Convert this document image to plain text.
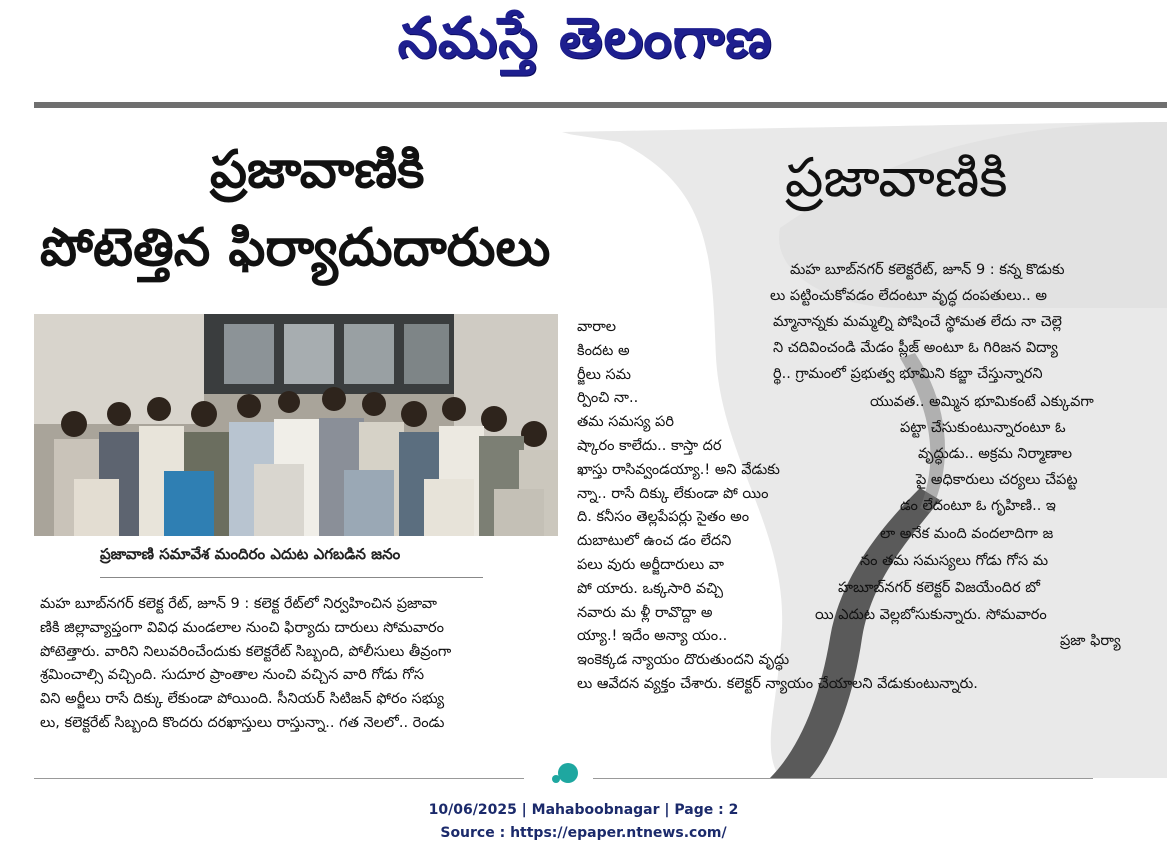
నమస్తే తెలంగాణ
ప్రజావాణికి
పోటెత్తిన ఫిర్యాదుదారులు
ప్రజావాణికి
ప్రజావాణి సమావేశ మందిరం ఎదుట ఎగబడిన జనం
మహ బూబ్‌నగర్ కలెక్ట రేట్, జూన్ 9 : కలెక్ట రేట్‌లో నిర్వహించిన ప్రజావా
ణికి జిల్లావ్యాప్తంగా వివిధ మండలాల నుంచి ఫిర్యాదు దారులు సోమవారం
పోటెత్తారు. వారిని నిలువరించేందుకు కలెక్టరేట్ సిబ్బంది, పోలీసులు తీవ్రంగా
శ్రమించాల్సి వచ్చింది. సుదూర ప్రాంతాల నుంచి వచ్చిన వారి గోడు గోస
విని అర్జీలు రాసే దిక్కు లేకుండా పోయింది. సీనియర్ సిటిజన్ ఫోరం సభ్యు
లు, కలెక్టరేట్ సిబ్బంది కొందరు దరఖాస్తులు రాస్తున్నా.. గత నెలలో.. రెండు
వారాల
కిందట అ
ర్జీలు సమ
ర్పించి నా..
తమ సమస్య పరి
ష్కారం కాలేదు.. కాస్తా దర
ఖాస్తు రాసివ్వండయ్యా.! అని వేడుకు
న్నా.. రాసే దిక్కు లేకుండా పో యిం
ది. కనీసం తెల్లపేపర్లు సైతం అం
దుబాటులో ఉంచ డం లేదని
పలు వురు అర్జీదారులు వా
పో యారు. ఒక్కసారి వచ్చి
నవారు మ ళ్లీ రావొద్దా అ
య్యా.! ఇదేం అన్యా యం..
ఇంకెక్కడ న్యాయం దొరుతుందని వృద్ధు
లు ఆవేదన వ్యక్తం చేశారు. కలెక్టర్ న్యాయం చేయాలని వేడుకుంటున్నారు.
మహ బూబ్‌నగర్ కలెక్టరేట్, జూన్ 9 : కన్న కొడుకు
లు పట్టించుకోవడం లేదంటూ వృద్ధ దంపతులు.. అ
మ్మానాన్నకు మమ్మల్ని పోషించే స్థోమత లేదు నా చెల్లె
ని చదివించండి మేడం ప్లీజ్ అంటూ ఓ గిరిజన విద్యా
ర్థి.. గ్రామంలో ప్రభుత్వ భూమిని కబ్జా చేస్తున్నారని
యువత.. అమ్మిన భూమికంటే ఎక్కువగా
పట్టా చేసుకుంటున్నారంటూ ఓ
వృద్ధుడు.. అక్రమ నిర్మాణాల
పై అధికారులు చర్యలు చేపట్ట
డం లేదంటూ ఓ గృహిణి.. ఇ
లా అనేక మంది వందలాదిగా జ
నం తమ సమస్యలు గోడు గోస మ
హబూబ్‌నగర్ కలెక్టర్ విజయేందిర బో
యి ఎదుట వెల్లబోసుకున్నారు. సోమవారం
ప్రజా ఫిర్యా
10/06/2025 | Mahaboobnagar | Page : 2
Source : https://epaper.ntnews.com/
